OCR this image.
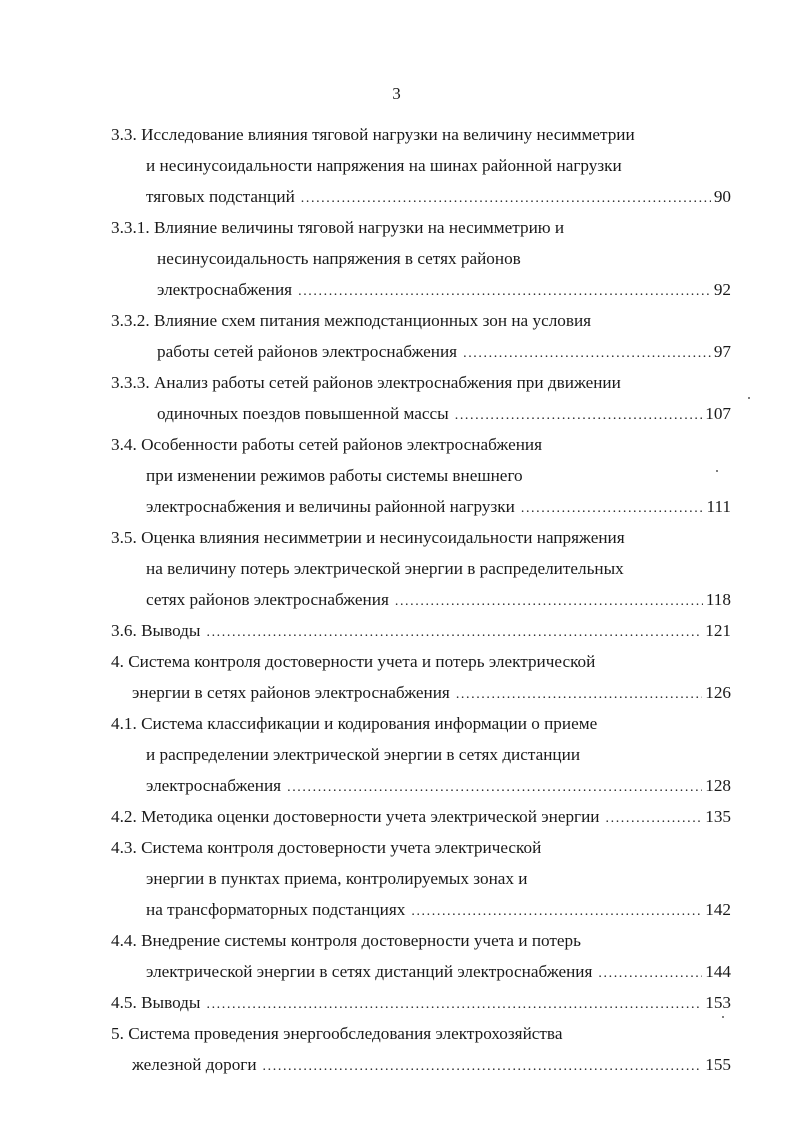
3
3.3. Исследование влияния тяговой нагрузки на величину несимметрии
и несинусоидальности напряжения на шинах районной нагрузки
тяговых подстанций .....	90
3.3.1. Влияние величины тяговой нагрузки на несимметрию и
несинусоидальность напряжения в сетях районов
электроснабжения .....	92
3.3.2. Влияние схем питания межподстанционных зон на условия
работы сетей районов электроснабжения .....	97
3.3.3. Анализ работы сетей районов электроснабжения при движении
одиночных поездов повышенной массы .....	107
3.4. Особенности работы сетей районов электроснабжения
при изменении режимов работы системы внешнего
электроснабжения и величины районной нагрузки .....	111
3.5. Оценка влияния несимметрии и несинусоидальности напряжения
на величину потерь электрической энергии в распределительных
сетях районов электроснабжения .....	118
3.6. Выводы .....	121
4. Система контроля достоверности учета и потерь электрической
энергии в сетях районов электроснабжения .....	126
4.1. Система классификации и кодирования информации о приеме
и распределении электрической энергии в сетях дистанции
электроснабжения .....	128
4.2. Методика оценки достоверности учета электрической энергии .....	135
4.3. Система контроля достоверности учета электрической
энергии в пунктах приема, контролируемых зонах и
на трансформаторных подстанциях .....	142
4.4. Внедрение системы контроля достоверности учета и потерь
электрической энергии в сетях дистанций электроснабжения .....	144
4.5. Выводы .....	153
5. Система проведения энергообследования электрохозяйства
железной дороги .....	155
